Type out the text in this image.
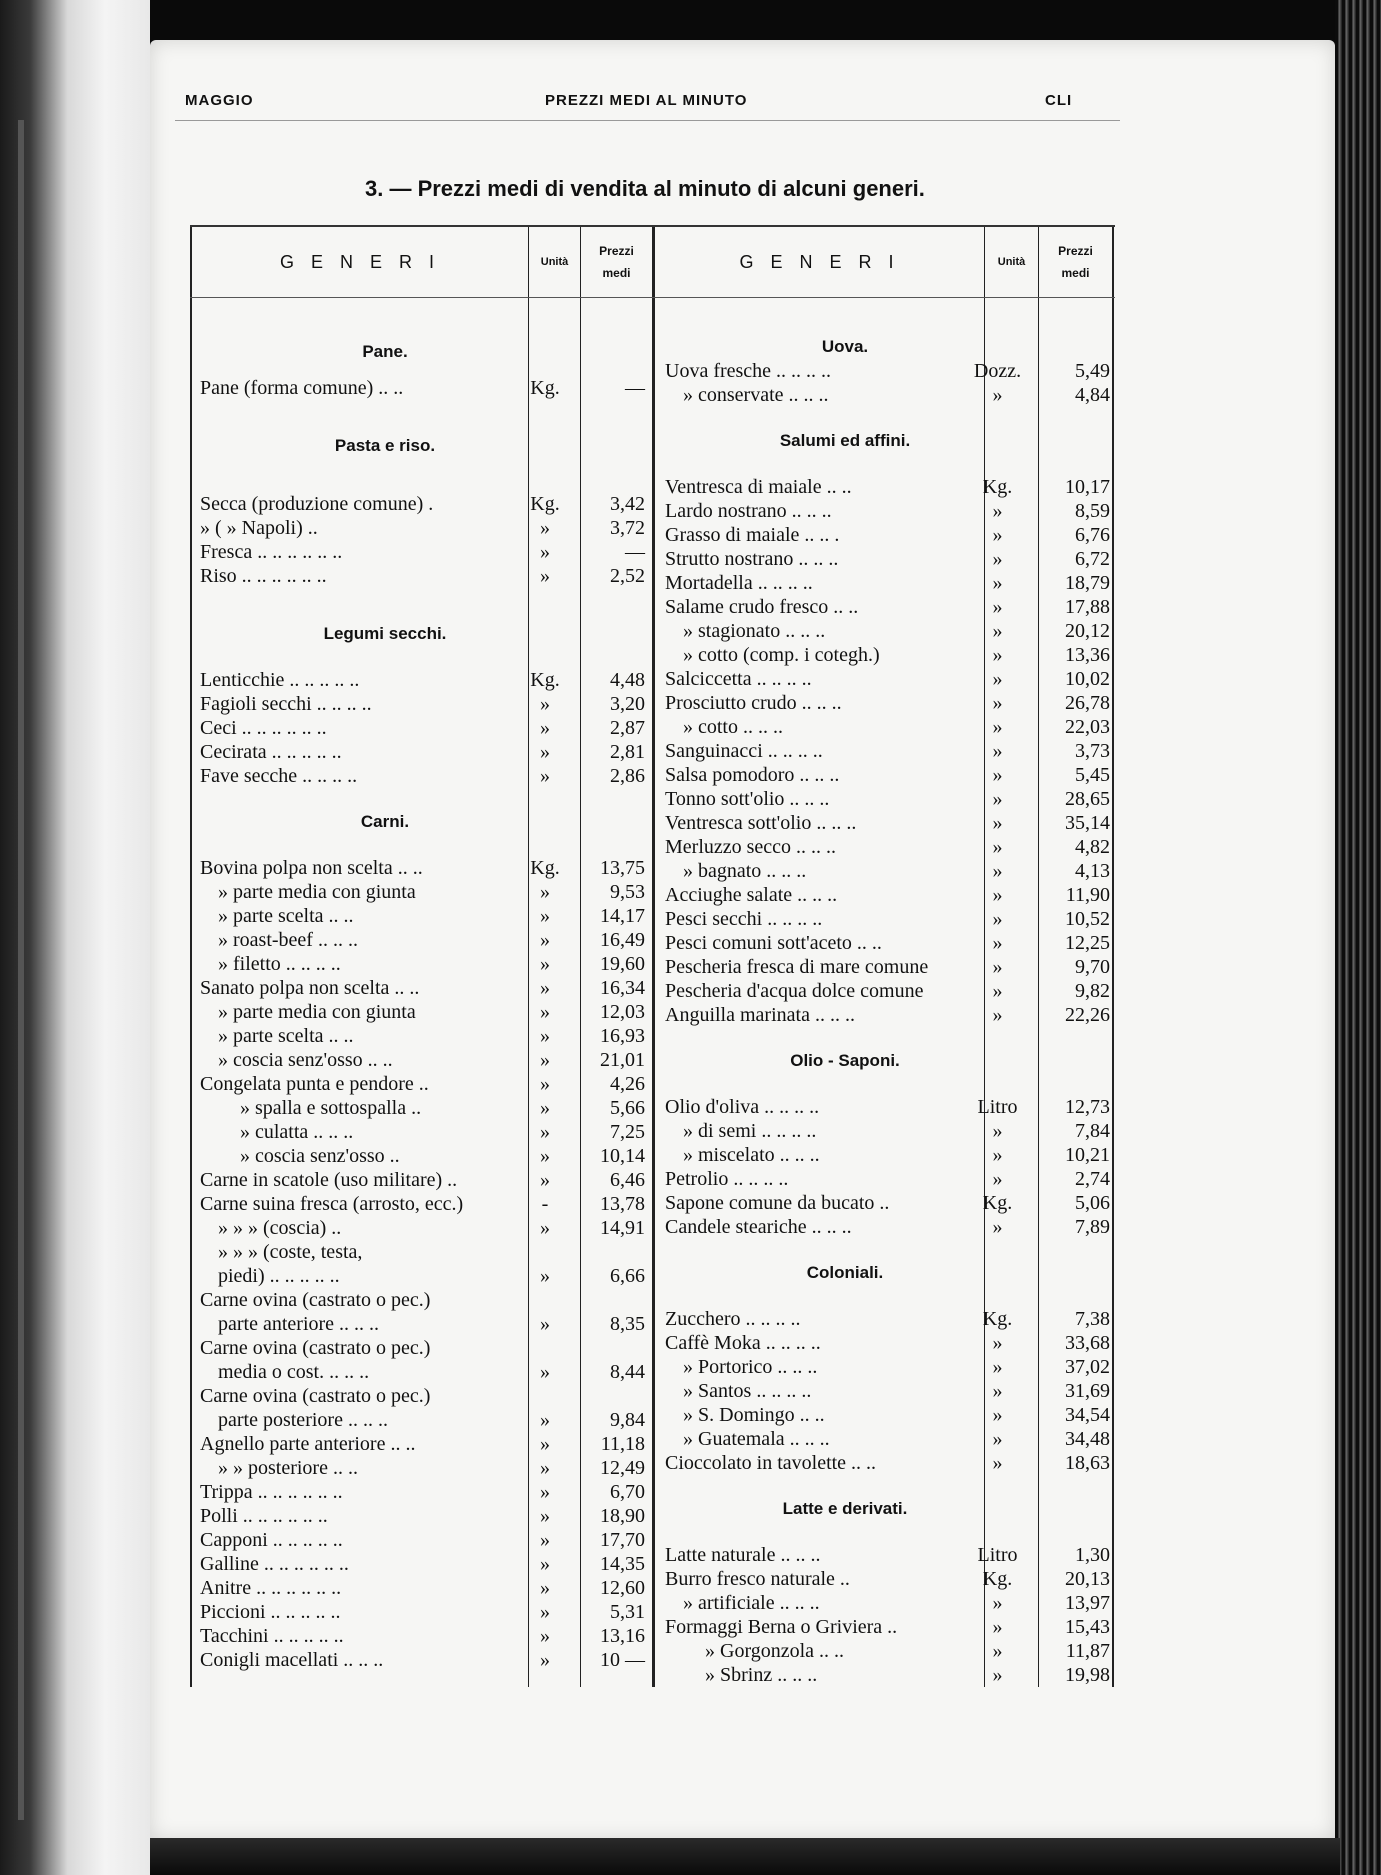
MAGGIO	PREZZI MEDI AL MINUTO	CLI
3. — Prezzi medi di vendita al minuto di alcuni generi.
G E N E R I	Unità
Prezzi
medi
G E N E R I	Unità
Prezzi
medi
Pane.
Pane (forma comune) .. ..	Kg.	—
Pasta e riso.
Secca (produzione comune) .	Kg.	3,42
» ( » Napoli) ..	»	3,72
Fresca .. .. .. .. .. ..	»	—
Riso .. .. .. .. .. ..	»	2,52
Legumi secchi.
Lenticchie .. .. .. .. ..	Kg.	4,48
Fagioli secchi .. .. .. ..	»	3,20
Ceci .. .. .. .. .. ..	»	2,87
Cecirata .. .. .. .. ..	»	2,81
Fave secche .. .. .. ..	»	2,86
Carni.
Bovina polpa non scelta .. ..	Kg.	13,75
» parte media con giunta	»	9,53
» parte scelta .. ..	»	14,17
» roast-beef .. .. ..	»	16,49
» filetto .. .. .. ..	»	19,60
Sanato polpa non scelta .. ..	»	16,34
» parte media con giunta	»	12,03
» parte scelta .. ..	»	16,93
» coscia senz'osso .. ..	»	21,01
Congelata punta e pendore ..	»	4,26
» spalla e sottospalla ..	»	5,66
» culatta .. .. ..	»	7,25
» coscia senz'osso ..	»	10,14
Carne in scatole (uso militare) ..	»	6,46
Carne suina fresca (arrosto, ecc.)	-	13,78
» » » (coscia) ..	»	14,91
» » » (coste, testa,
piedi) .. .. .. .. ..	»	6,66
Carne ovina (castrato o pec.)
parte anteriore .. .. ..	»	8,35
Carne ovina (castrato o pec.)
media o cost. .. .. ..	»	8,44
Carne ovina (castrato o pec.)
parte posteriore .. .. ..	»	9,84
Agnello parte anteriore .. ..	»	11,18
» » posteriore .. ..	»	12,49
Trippa .. .. .. .. .. ..	»	6,70
Polli .. .. .. .. .. ..	»	18,90
Capponi .. .. .. .. ..	»	17,70
Galline .. .. .. .. .. ..	»	14,35
Anitre .. .. .. .. .. ..	»	12,60
Piccioni .. .. .. .. ..	»	5,31
Tacchini .. .. .. .. ..	»	13,16
Conigli macellati .. .. ..	»	10 —
Uova.
Uova fresche .. .. .. ..	Dozz.	5,49
» conservate .. .. ..	»	4,84
Salumi ed affini.
Ventresca di maiale .. ..	Kg.	10,17
Lardo nostrano .. .. ..	»	8,59
Grasso di maiale .. .. .	»	6,76
Strutto nostrano .. .. ..	»	6,72
Mortadella .. .. .. ..	»	18,79
Salame crudo fresco .. ..	»	17,88
» stagionato .. .. ..	»	20,12
» cotto (comp. i cotegh.)	»	13,36
Salciccetta .. .. .. ..	»	10,02
Prosciutto crudo .. .. ..	»	26,78
» cotto .. .. ..	»	22,03
Sanguinacci .. .. .. ..	»	3,73
Salsa pomodoro .. .. ..	»	5,45
Tonno sott'olio .. .. ..	»	28,65
Ventresca sott'olio .. .. ..	»	35,14
Merluzzo secco .. .. ..	»	4,82
» bagnato .. .. ..	»	4,13
Acciughe salate .. .. ..	»	11,90
Pesci secchi .. .. .. ..	»	10,52
Pesci comuni sott'aceto .. ..	»	12,25
Pescheria fresca di mare comune	»	9,70
Pescheria d'acqua dolce comune	»	9,82
Anguilla marinata .. .. ..	»	22,26
Olio - Saponi.
Olio d'oliva .. .. .. ..	Litro	12,73
» di semi .. .. .. ..	»	7,84
» miscelato .. .. ..	»	10,21
Petrolio .. .. .. ..	»	2,74
Sapone comune da bucato ..	Kg.	5,06
Candele steariche .. .. ..	»	7,89
Coloniali.
Zucchero .. .. .. ..	Kg.	7,38
Caffè Moka .. .. .. ..	»	33,68
» Portorico .. .. ..	»	37,02
» Santos .. .. .. ..	»	31,69
» S. Domingo .. ..	»	34,54
» Guatemala .. .. ..	»	34,48
Cioccolato in tavolette .. ..	»	18,63
Latte e derivati.
Latte naturale .. .. ..	Litro	1,30
Burro fresco naturale ..	Kg.	20,13
» artificiale .. .. ..	»	13,97
Formaggi Berna o Griviera ..	»	15,43
» Gorgonzola .. ..	»	11,87
» Sbrinz .. .. ..	»	19,98
